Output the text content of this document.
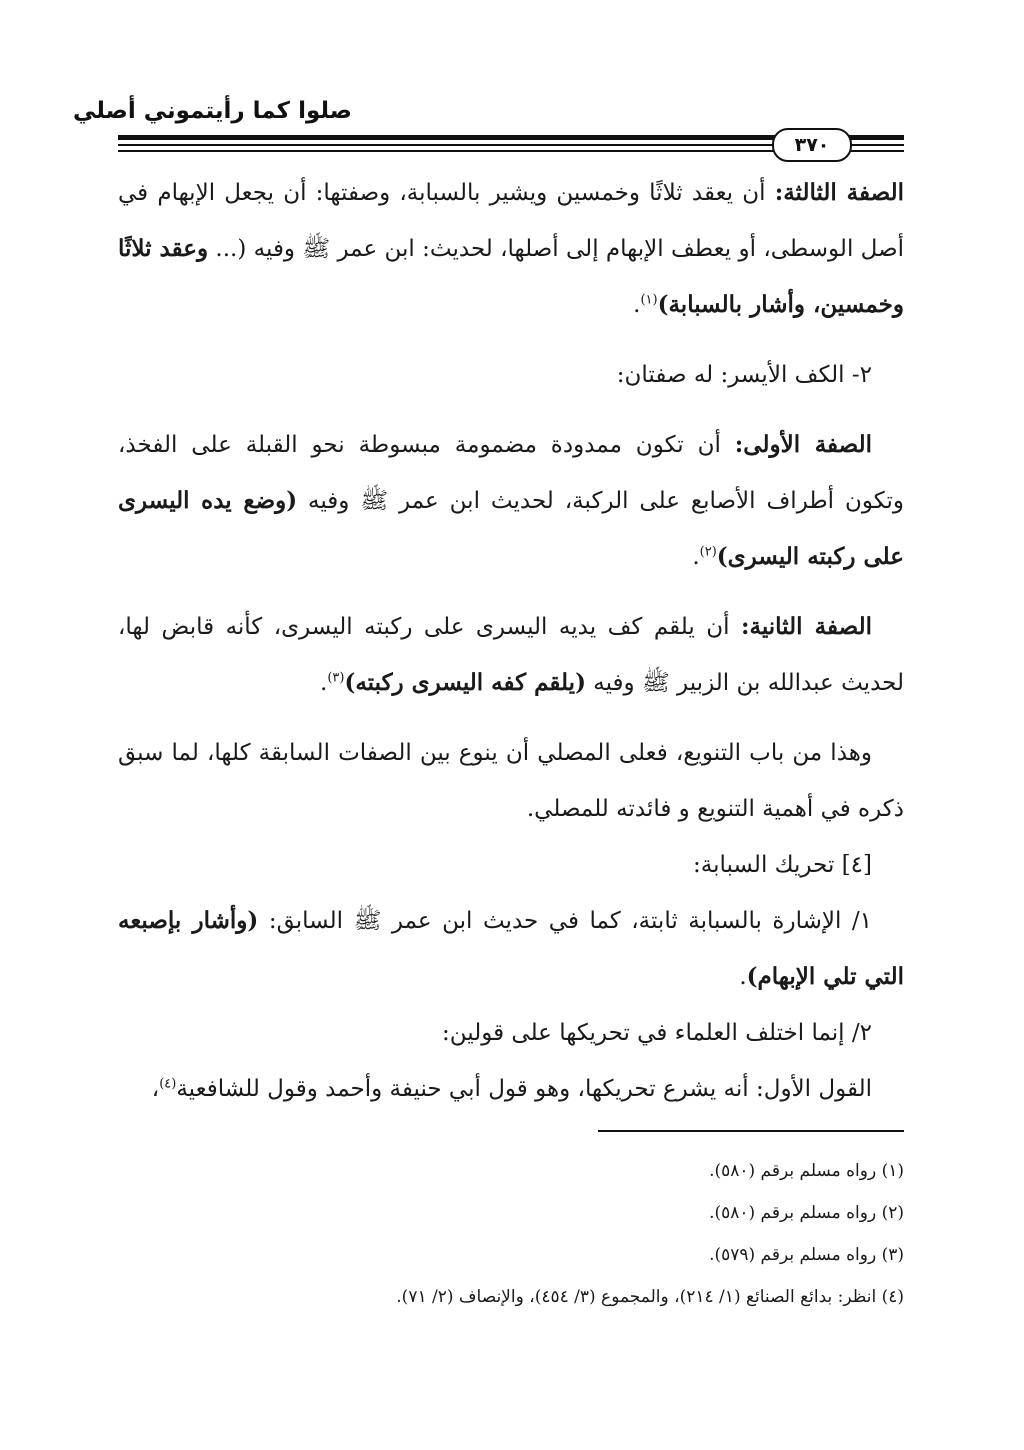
صلوا كما رأيتموني أصلي
٣٧٠

الصفة الثالثة: أن يعقد ثلاثًا وخمسين ويشير بالسبابة، وصفتها: أن يجعل الإبهام في أصل الوسطى، أو يعطف الإبهام إلى أصلها، لحديث: ابن عمر ﷺ وفيه (... وعقد ثلاثًا وخمسين، وأشار بالسبابة)$^{(١)}$.

٢- الكف الأيسر: له صفتان:

الصفة الأولى: أن تكون ممدودة مضمومة مبسوطة نحو القبلة على الفخذ، وتكون أطراف الأصابع على الركبة، لحديث ابن عمر ﷺ وفيه (وضع يده اليسرى على ركبته اليسرى)$^{(٢)}$.

الصفة الثانية: أن يلقم كف يديه اليسرى على ركبته اليسرى، كأنه قابض لها، لحديث عبدالله بن الزبير ﷺ وفيه (يلقم كفه اليسرى ركبته)$^{(٣)}$.

وهذا من باب التنويع، فعلى المصلي أن ينوع بين الصفات السابقة كلها، لما سبق ذكره في أهمية التنويع و فائدته للمصلي.

[٤] تحريك السبابة:

١/ الإشارة بالسبابة ثابتة، كما في حديث ابن عمر ﷺ السابق: (وأشار بإصبعه التي تلي الإبهام).

٢/ إنما اختلف العلماء في تحريكها على قولين:

القول الأول: أنه يشرع تحريكها، وهو قول أبي حنيفة وأحمد وقول للشافعية$^{(٤)}$،

(١) رواه مسلم برقم (٥٨٠).

(٢) رواه مسلم برقم (٥٨٠).

(٣) رواه مسلم برقم (٥٧٩).

(٤) انظر: بدائع الصنائع (١/ ٢١٤)، والمجموع (٣/ ٤٥٤)، والإنصاف (٢/ ٧١).
